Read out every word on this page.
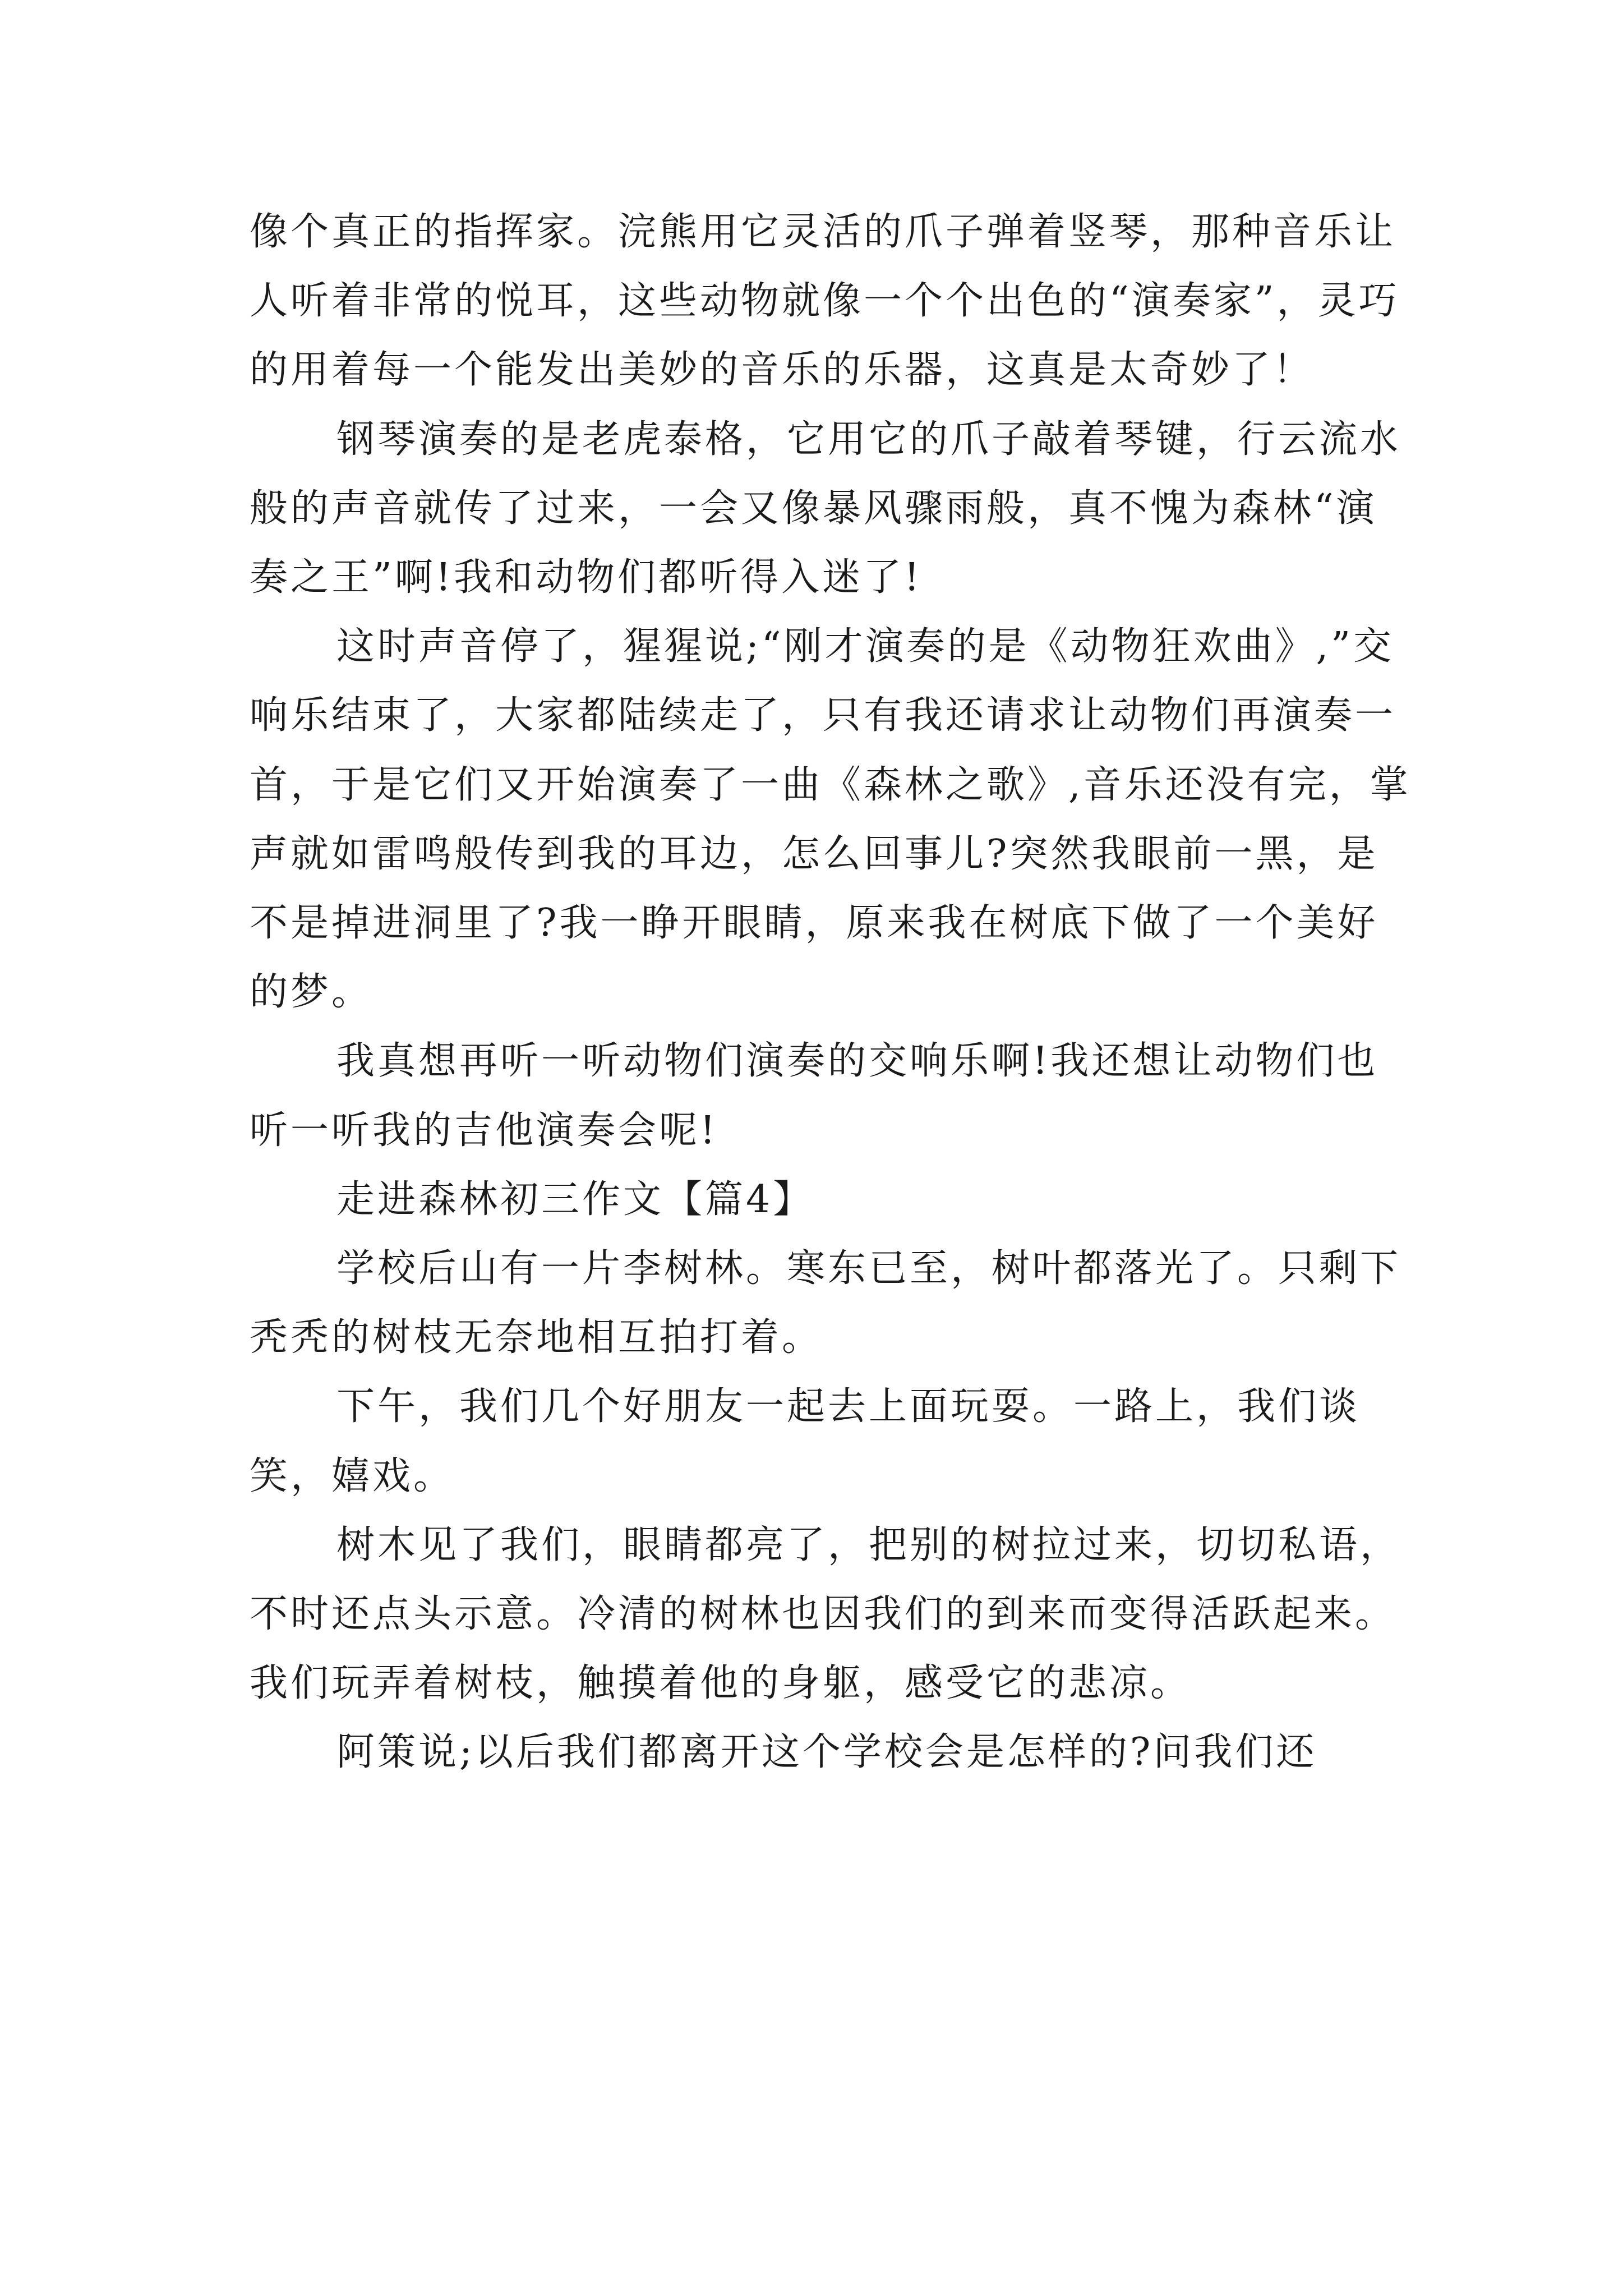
像个真正的指挥家。浣熊用它灵活的爪子弹着竖琴，那种音乐让人听着非常的悦耳，这些动物就像一个个出色的“演奏家”，灵巧的用着每一个能发出美妙的音乐的乐器，这真是太奇妙了！

钢琴演奏的是老虎泰格，它用它的爪子敲着琴键，行云流水般的声音就传了过来，一会又像暴风骤雨般，真不愧为森林“演奏之王”啊!我和动物们都听得入迷了!

这时声音停了，猩猩说;“刚才演奏的是《动物狂欢曲》,”交响乐结束了，大家都陆续走了，只有我还请求让动物们再演奏一首，于是它们又开始演奏了一曲《森林之歌》,音乐还没有完，掌声就如雷鸣般传到我的耳边，怎么回事儿?突然我眼前一黑，是不是掉进洞里了?我一睁开眼睛，原来我在树底下做了一个美好的梦。

我真想再听一听动物们演奏的交响乐啊!我还想让动物们也听一听我的吉他演奏会呢!

走进森林初三作文【篇4】

学校后山有一片李树林。寒东已至，树叶都落光了。只剩下秃秃的树枝无奈地相互拍打着。

下午，我们几个好朋友一起去上面玩耍。一路上，我们谈笑，嬉戏。

树木见了我们，眼睛都亮了，把别的树拉过来，切切私语，不时还点头示意。冷清的树林也因我们的到来而变得活跃起来。我们玩弄着树枝，触摸着他的身躯，感受它的悲凉。

阿策说;以后我们都离开这个学校会是怎样的?问我们还
